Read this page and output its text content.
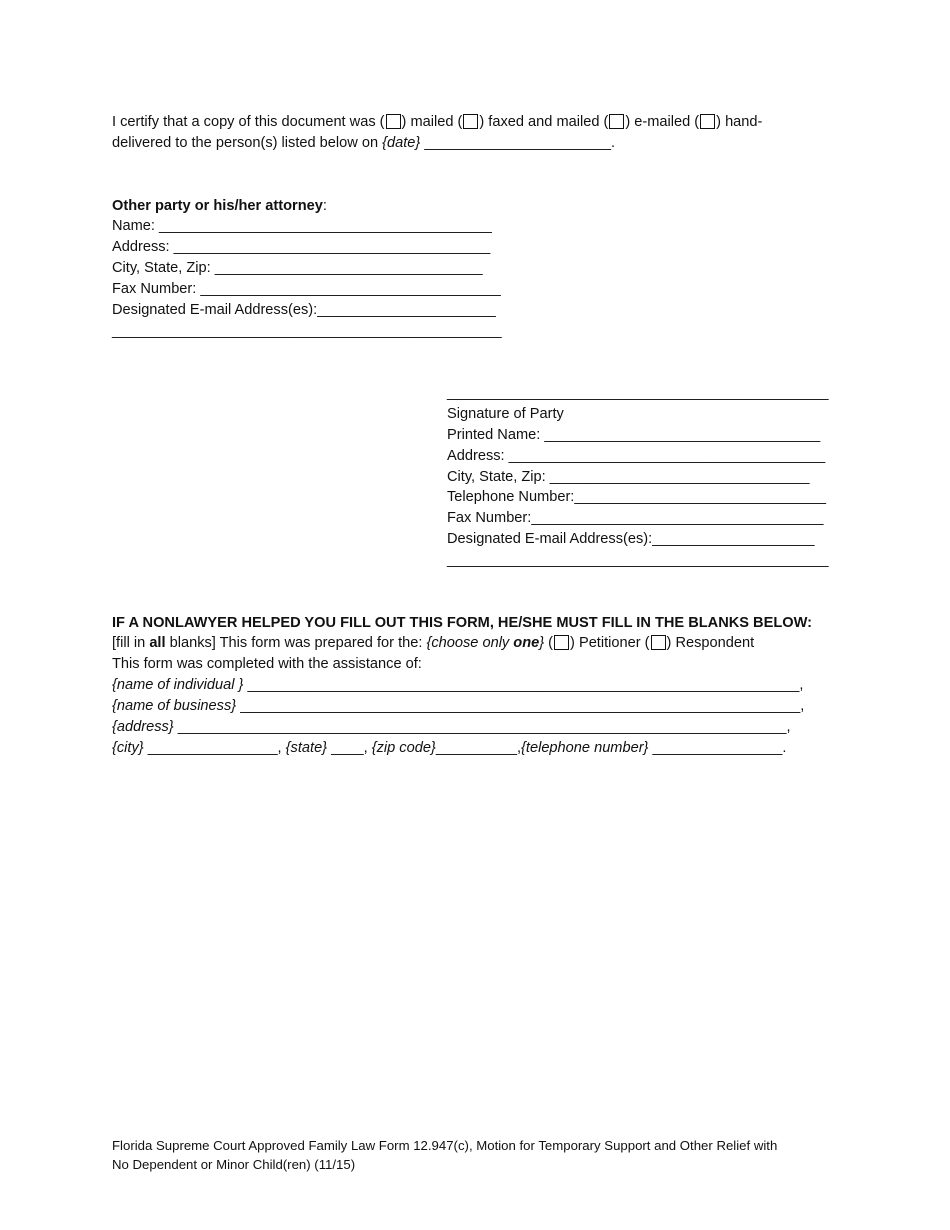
I certify that a copy of this document was ( ) mailed ( ) faxed and mailed ( ) e-mailed ( ) hand-
delivered to the person(s) listed below on {date} _______________________.
Other party or his/her attorney:
Name: _________________________________________
Address: _______________________________________
City, State, Zip: _________________________________
Fax Number: _____________________________________
Designated E-mail Address(es):______________________
________________________________________________
_______________________________________________
Signature of Party
Printed Name: __________________________________
Address: _______________________________________
City, State, Zip: ________________________________
Telephone Number:_______________________________
Fax Number:____________________________________
Designated E-mail Address(es):____________________
_______________________________________________
IF A NONLAWYER HELPED YOU FILL OUT THIS FORM, HE/SHE MUST FILL IN THE BLANKS BELOW:
[fill in all blanks] This form was prepared for the: {choose only one} ( ) Petitioner ( ) Respondent
This form was completed with the assistance of:
{name of individual } ____________________________________________________________________,
{name of business} _____________________________________________________________________,
{address} ___________________________________________________________________________,
{city} ________________, {state} ____, {zip code}__________,{telephone number} ________________.
Florida Supreme Court Approved Family Law Form 12.947(c), Motion for Temporary Support and Other Relief with
No Dependent or Minor Child(ren) (11/15)
